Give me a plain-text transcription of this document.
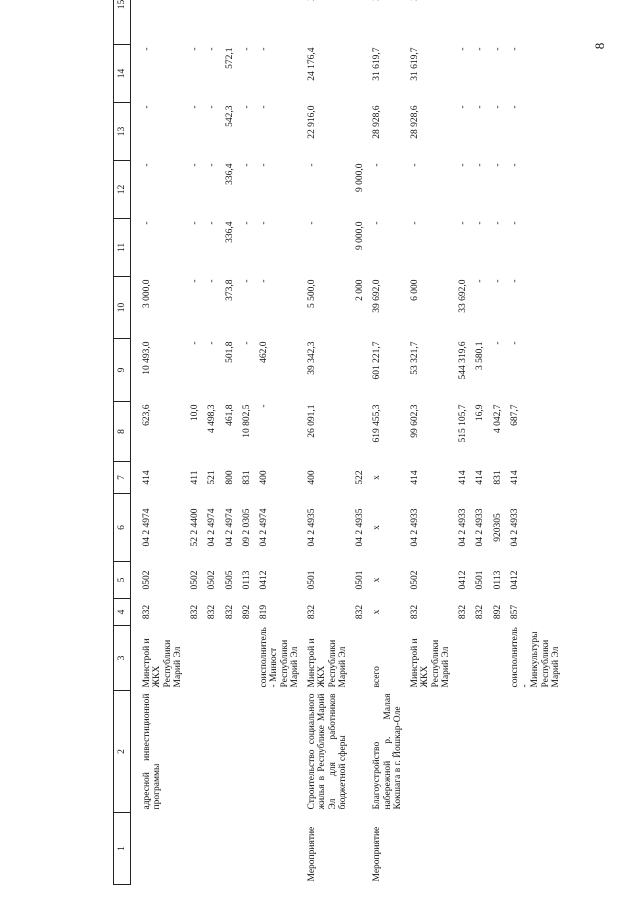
8
1	2	3	4	5	6	7	8	9	10	11	12	13	14	15

	адресной инвестиционной программы	Минстрой и ЖКХ Республики Марий Эл	832	0502	04 2 4974	414	623,6	10 493,0	3 000,0	-	-	-	-	
			832	0502	52 2 4400	411	10,0	-	-	-	-	-	-	
			832	0502	04 2 4974	521	4 498,3	-	-	-	-	-	-	
			832	0505	04 2 4974	800	461,8	501,8	373,8	336,4	336,4	542,3	572,1	
			892	0113	09 2 0305	831	10 802,5	-	-	-	-	-	-	
		соисполнитель - Минюст Республики Марий Эл	819	0412	04 2 4974	400	-	462,0	-	-	-	-	-	
Мероприятие	Строительство социального жилья в Республике Марий Эл для работников бюджетной сферы	Минстрой и ЖКХ Республики Марий Эл	832	0501	04 2 4935	400	26 091,1	39 342,3	5 500,0	-	-	22 916,0	24 176,4	
			832	0501	04 2 4935	522			2 000	9 000,0	9 000,0			
Мероприятие	Благоустройство набережной р. Малая Кокшага в г. Йошкар-Оле	всего	x	x	x	x	619 455,3	601 221,7	39 692,0	-	-	28 928,6	31 619,7	
		Минстрой и ЖКХ Республики Марий Эл	832	0502	04 2 4933	414	99 602,3	53 321,7	6 000	-	-	28 928,6	31 619,7	
			832	0412	04 2 4933	414	515 105,7	544 319,6	33 692,0	-	-	-	-	
			832	0501	04 2 4933	414	16,9	3 580,1	-	-	-	-	-	
			892	0113	920305	831	4 042,7	-	-	-	-	-	-	
		соисполнитель - Минкультуры Республики Марий Эл	857	0412	04 2 4933	414	687,7	-	-	-	-	-	-	
